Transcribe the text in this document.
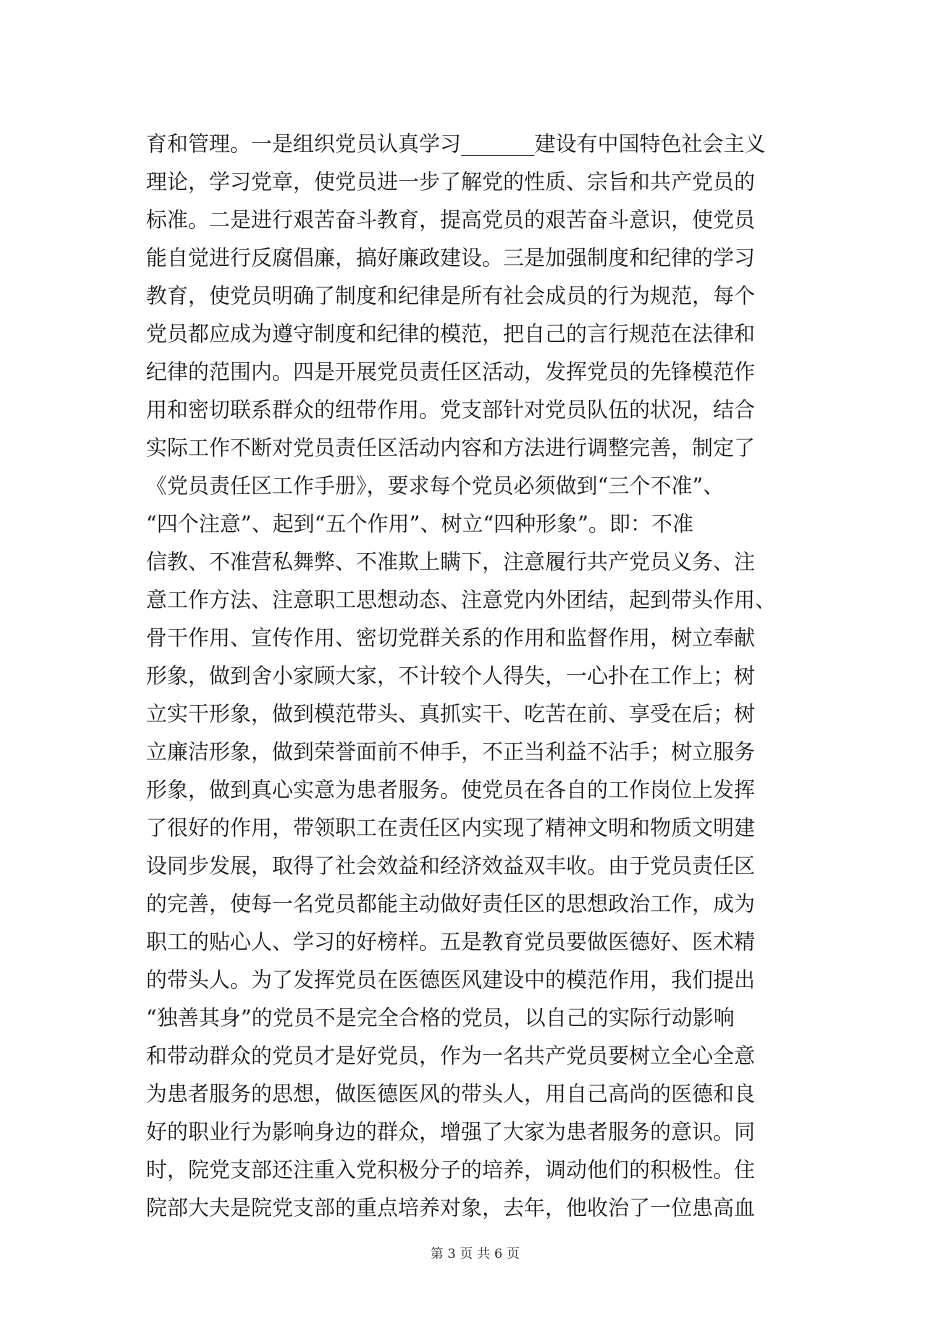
育和管理。一是组织党员认真学习_______建设有中国特色社会主义
理论，学习党章，使党员进一步了解党的性质、宗旨和共产党员的
标准。二是进行艰苦奋斗教育，提高党员的艰苦奋斗意识，使党员
能自觉进行反腐倡廉，搞好廉政建设。三是加强制度和纪律的学习
教育，使党员明确了制度和纪律是所有社会成员的行为规范，每个
党员都应成为遵守制度和纪律的模范，把自己的言行规范在法律和
纪律的范围内。四是开展党员责任区活动，发挥党员的先锋模范作
用和密切联系群众的纽带作用。党支部针对党员队伍的状况，结合
实际工作不断对党员责任区活动内容和方法进行调整完善，制定了
《党员责任区工作手册》，要求每个党员必须做到“三个不准”、
“四个注意”、起到“五个作用”、树立“四种形象”。即：不准
信教、不准营私舞弊、不准欺上瞒下，注意履行共产党员义务、注
意工作方法、注意职工思想动态、注意党内外团结，起到带头作用、
骨干作用、宣传作用、密切党群关系的作用和监督作用，树立奉献
形象，做到舍小家顾大家，不计较个人得失，一心扑在工作上；树
立实干形象，做到模范带头、真抓实干、吃苦在前、享受在后；树
立廉洁形象，做到荣誉面前不伸手，不正当利益不沾手；树立服务
形象，做到真心实意为患者服务。使党员在各自的工作岗位上发挥
了很好的作用，带领职工在责任区内实现了精神文明和物质文明建
设同步发展，取得了社会效益和经济效益双丰收。由于党员责任区
的完善，使每一名党员都能主动做好责任区的思想政治工作，成为
职工的贴心人、学习的好榜样。五是教育党员要做医德好、医术精
的带头人。为了发挥党员在医德医风建设中的模范作用，我们提出
“独善其身”的党员不是完全合格的党员，以自己的实际行动影响
和带动群众的党员才是好党员，作为一名共产党员要树立全心全意
为患者服务的思想，做医德医风的带头人，用自己高尚的医德和良
好的职业行为影响身边的群众，增强了大家为患者服务的意识。同
时，院党支部还注重入党积极分子的培养，调动他们的积极性。住
院部大夫是院党支部的重点培养对象，去年，他收治了一位患高血
第 3 页 共 6 页
